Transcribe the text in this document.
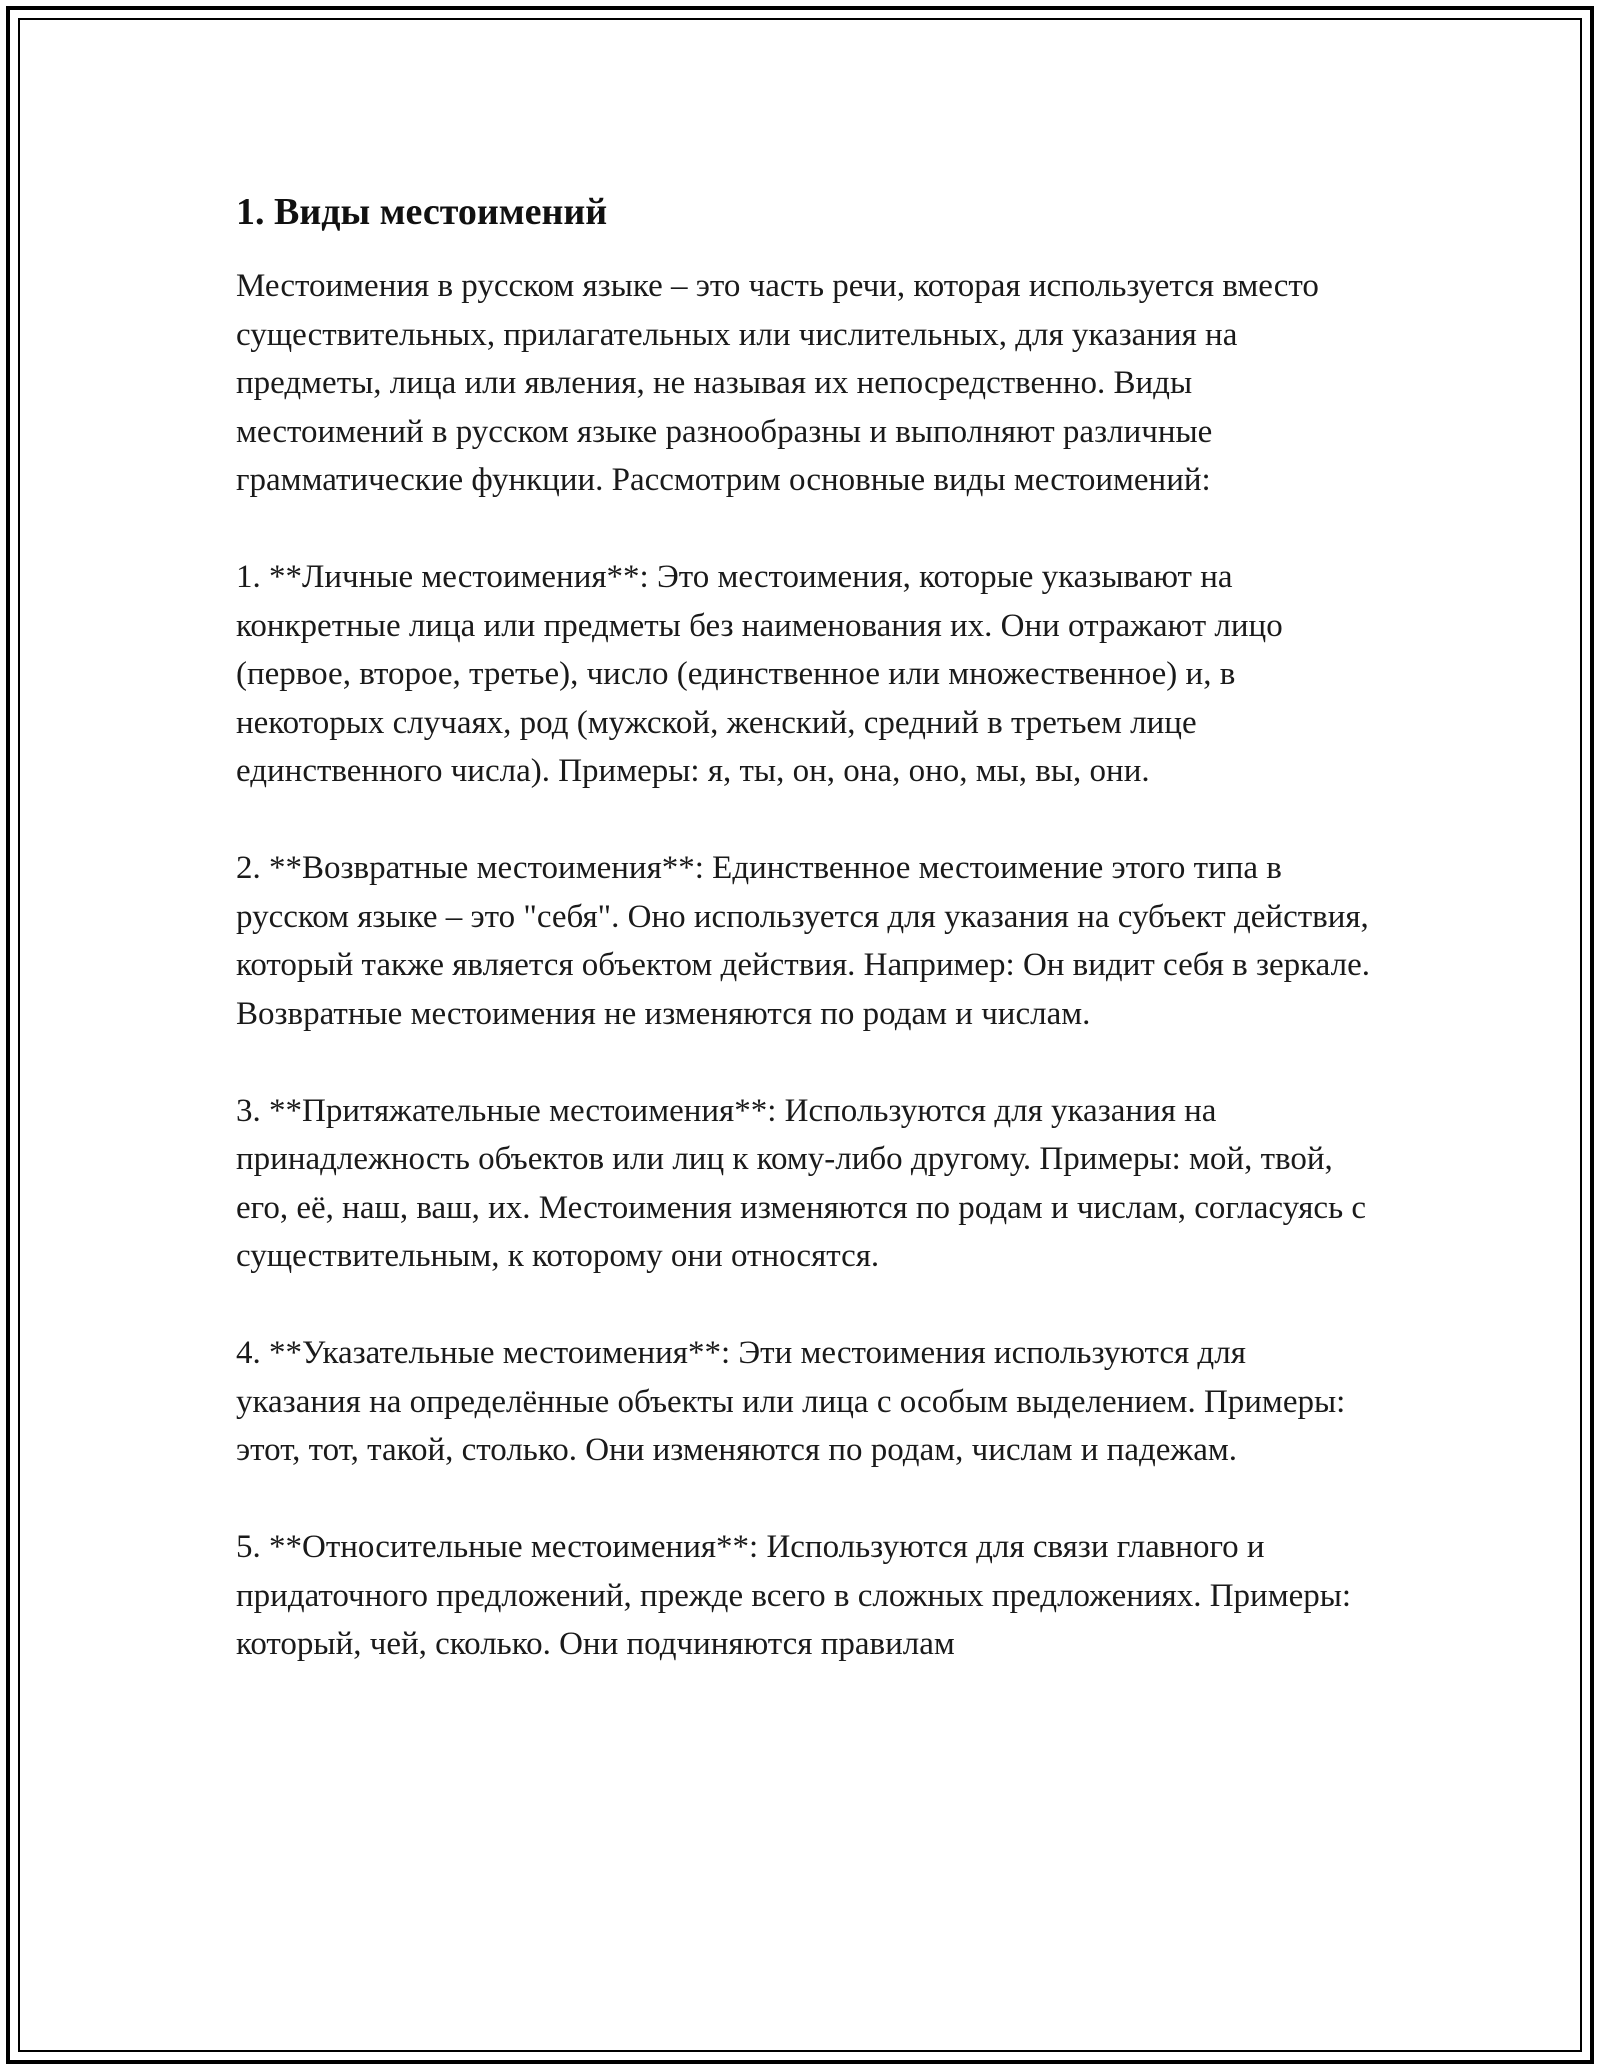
1. Виды местоимений

Местоимения в русском языке – это часть речи, которая используется вместо существительных, прилагательных или числительных, для указания на предметы, лица или явления, не называя их непосредственно. Виды местоимений в русском языке разнообразны и выполняют различные грамматические функции. Рассмотрим основные виды местоимений:

1. **Личные местоимения**: Это местоимения, которые указывают на конкретные лица или предметы без наименования их. Они отражают лицо (первое, второе, третье), число (единственное или множественное) и, в некоторых случаях, род (мужской, женский, средний в третьем лице единственного числа). Примеры: я, ты, он, она, оно, мы, вы, они.

2. **Возвратные местоимения**: Единственное местоимение этого типа в русском языке – это "себя". Оно используется для указания на субъект действия, который также является объектом действия. Например: Он видит себя в зеркале. Возвратные местоимения не изменяются по родам и числам.

3. **Притяжательные местоимения**: Используются для указания на принадлежность объектов или лиц к кому-либо другому. Примеры: мой, твой, его, её, наш, ваш, их. Местоимения изменяются по родам и числам, согласуясь с существительным, к которому они относятся.

4. **Указательные местоимения**: Эти местоимения используются для указания на определённые объекты или лица с особым выделением. Примеры: этот, тот, такой, столько. Они изменяются по родам, числам и падежам.

5. **Относительные местоимения**: Используются для связи главного и придаточного предложений, прежде всего в сложных предложениях. Примеры: который, чей, сколько. Они подчиняются правилам
